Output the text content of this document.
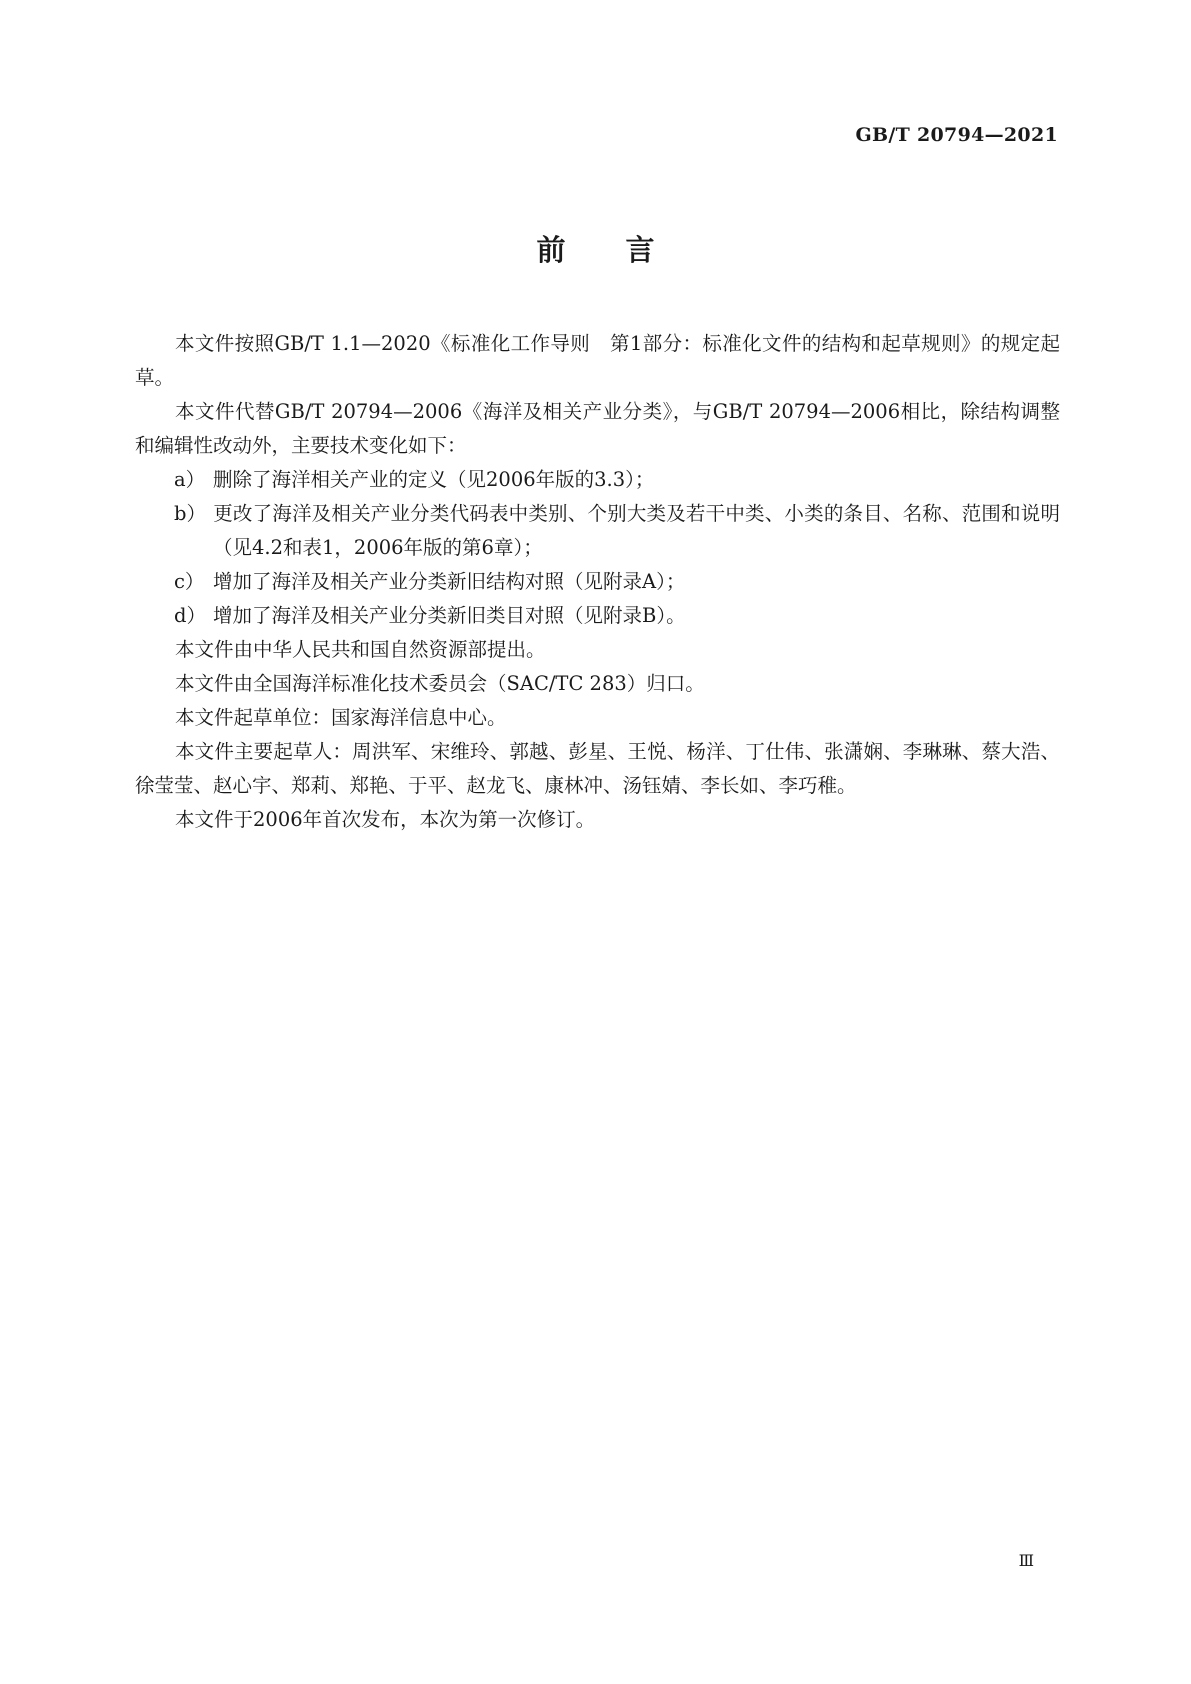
GB/T 20794—2021
前言

本文件按照GB/T 1.1—2020《标准化工作导则　第1部分：标准化文件的结构和起草规则》的规定起草。

本文件代替GB/T 20794—2006《海洋及相关产业分类》，与GB/T 20794—2006相比，除结构调整和编辑性改动外，主要技术变化如下：

a） 删除了海洋相关产业的定义（见2006年版的3.3）；

b） 更改了海洋及相关产业分类代码表中类别、个别大类及若干中类、小类的条目、名称、范围和说明（见4.2和表1，2006年版的第6章）；

c） 增加了海洋及相关产业分类新旧结构对照（见附录A）；

d） 增加了海洋及相关产业分类新旧类目对照（见附录B）。

本文件由中华人民共和国自然资源部提出。

本文件由全国海洋标准化技术委员会（SAC/TC 283）归口。

本文件起草单位：国家海洋信息中心。

本文件主要起草人：周洪军、宋维玲、郭越、彭星、王悦、杨洋、丁仕伟、张潇娴、李琳琳、蔡大浩、徐莹莹、赵心宇、郑莉、郑艳、于平、赵龙飞、康林冲、汤钰婧、李长如、李巧稚。

本文件于2006年首次发布，本次为第一次修订。

Ⅲ
